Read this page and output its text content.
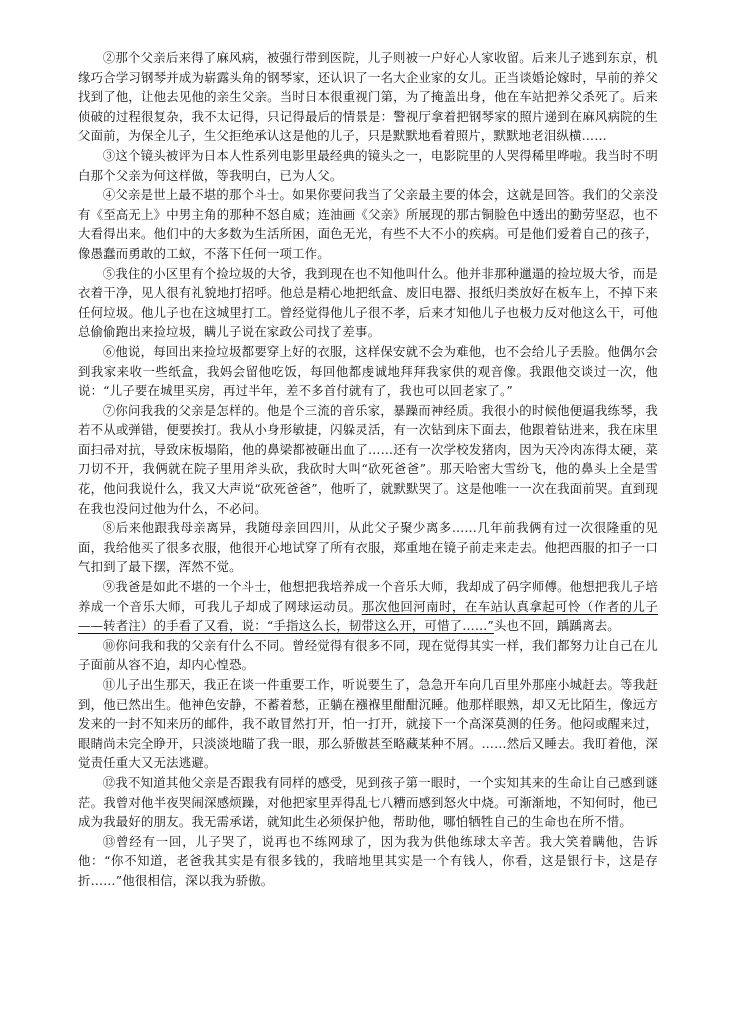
②那个父亲后来得了麻风病，被强行带到医院，儿子则被一户好心人家收留。后来儿子逃到东京，机缘巧合学习钢琴并成为崭露头角的钢琴家，还认识了一名大企业家的女儿。正当谈婚论嫁时，早前的养父找到了他，让他去见他的亲生父亲。当时日本很重视门第，为了掩盖出身，他在车站把养父杀死了。后来侦破的过程很复杂，我不太记得，只记得最后的情景是：警视厅拿着把钢琴家的照片递到在麻风病院的生父面前，为保全儿子，生父拒绝承认这是他的儿子，只是默默地看着照片，默默地老泪纵横……

③这个镜头被评为日本人性系列电影里最经典的镜头之一，电影院里的人哭得稀里哗啦。我当时不明白那个父亲为何这样做，等我明白，已为人父。

④父亲是世上最不堪的那个斗士。如果你要问我当了父亲最主要的体会，这就是回答。我们的父亲没有《至高无上》中男主角的那种不怒自威；连油画《父亲》所展现的那古铜脸色中透出的勤劳坚忍，也不大看得出来。他们中的大多数为生活所困，面色无光，有些不大不小的疾病。可是他们爱着自己的孩子，像愚蠢而勇敢的工蚁，不落下任何一项工作。

⑤我住的小区里有个捡垃圾的大爷，我到现在也不知他叫什么。他并非那种邋遢的捡垃圾大爷，而是衣着干净，见人很有礼貌地打招呼。他总是精心地把纸盒、废旧电器、报纸归类放好在板车上，不掉下来任何垃圾。他儿子也在这城里打工。曾经觉得他儿子很不孝，后来才知他儿子也极力反对他这么干，可他总偷偷跑出来捡垃圾，瞒儿子说在家政公司找了差事。

⑥他说，每回出来捡垃圾都要穿上好的衣服，这样保安就不会为难他，也不会给儿子丢脸。他偶尔会到我家来收一些纸盒，我妈会留他吃饭，每回他都虔诚地拜拜我家供的观音像。我跟他交谈过一次，他说：“儿子要在城里买房，再过半年，差不多首付就有了，我也可以回老家了。”

⑦你问我我的父亲是怎样的。他是个三流的音乐家，暴躁而神经质。我很小的时候他便逼我练琴，我若不从或弹错，便要挨打。我从小身形敏捷，闪躲灵活，有一次钻到床下面去，他跟着钻进来，我在床里面扫帚对抗，导致床板塌陷，他的鼻梁都被砸出血了……还有一次学校发猪肉，因为天冷肉冻得太硬，菜刀切不开，我俩就在院子里用斧头砍，我砍时大叫“砍死爸爸”。那天哈密大雪纷飞，他的鼻头上全是雪花，他问我说什么，我又大声说“砍死爸爸”，他听了，就默默哭了。这是他唯一一次在我面前哭。直到现在我也没问过他为什么，不必问。

⑧后来他跟我母亲离异，我随母亲回四川，从此父子聚少离多……几年前我俩有过一次很隆重的见面，我给他买了很多衣服，他很开心地试穿了所有衣服，郑重地在镜子前走来走去。他把西服的扣子一口气扣到了最下摆，浑然不觉。

⑨我爸是如此不堪的一个斗士，他想把我培养成一个音乐大师，我却成了码字师傅。他想把我儿子培养成一个音乐大师，可我儿子却成了网球运动员。那次他回河南时，在车站认真拿起可怜（作者的儿子——转者注）的手看了又看，说：“手指这么长，韧带这么开，可惜了……”头也不回，踽踽离去。

⑩你问我和我的父亲有什么不同。曾经觉得有很多不同，现在觉得其实一样，我们都努力让自己在儿子面前从容不迫，却内心惶恐。

⑪儿子出生那天，我正在谈一件重要工作，听说要生了，急急开车向几百里外那座小城赶去。等我赶到，他已然出生。他神色安静，不蓄着愁，正躺在襁褓里酣酣沉睡。他那样眼熟，却又无比陌生，像远方发来的一封不知来历的邮件，我不敢冒然打开，怕一打开，就接下一个高深莫测的任务。他闷或醒来过，眼睛尚未完全睁开，只淡淡地瞄了我一眼，那么骄傲甚至略藏某种不屑。……然后又睡去。我盯着他，深觉责任重大又无法逃避。

⑫我不知道其他父亲是否跟我有同样的感受，见到孩子第一眼时，一个实知其来的生命让自己感到谜茫。我曾对他半夜哭闹深感烦躁，对他把家里弄得乱七八糟而感到怒火中烧。可渐渐地，不知何时，他已成为我最好的朋友。我无需承诺，就知此生必须保护他，帮助他，哪怕牺牲自己的生命也在所不惜。

⑬曾经有一回，儿子哭了，说再也不练网球了，因为我为供他练球太辛苦。我大笑着瞒他，告诉他：“你不知道，老爸我其实是有很多钱的，我暗地里其实是一个有钱人，你看，这是银行卡，这是存折……”他很相信，深以我为骄傲。
